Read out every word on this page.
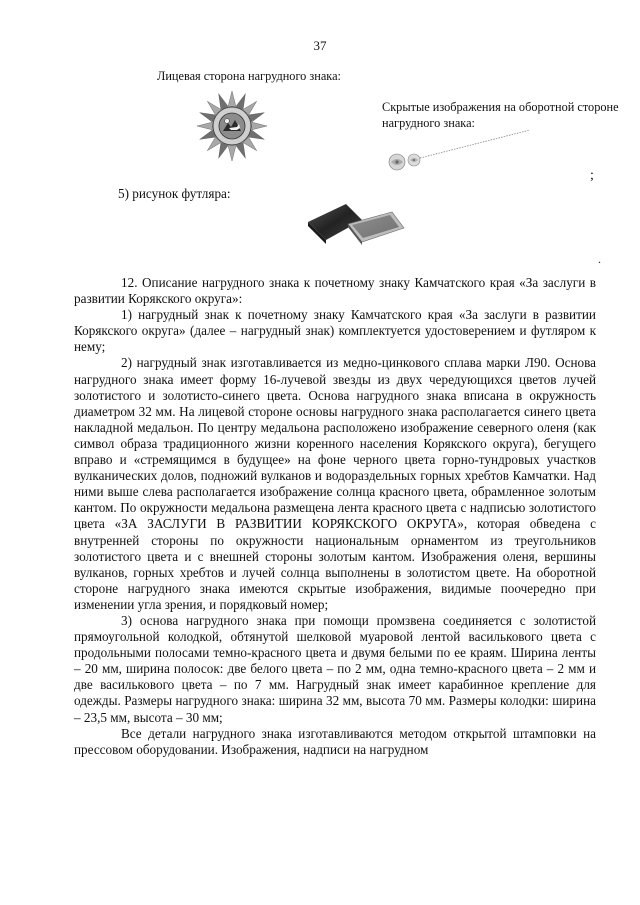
37
Лицевая сторона нагрудного знака:
Скрытые изображения на оборотной стороне нагрудного знака:
;
5) рисунок футляра:
.

12. Описание нагрудного знака к почетному знаку Камчатского края «За заслуги в развитии Корякского округа»:

1) нагрудный знак к почетному знаку Камчатского края «За заслуги в развитии Корякского округа» (далее – нагрудный знак) комплектуется удостоверением и футляром к нему;

2) нагрудный знак изготавливается из медно-цинкового сплава марки Л90. Основа нагрудного знака имеет форму 16-лучевой звезды из двух чередующихся цветов лучей золотистого и золотисто-синего цвета. Основа нагрудного знака вписана в окружность диаметром 32 мм. На лицевой стороне основы нагрудного знака располагается синего цвета накладной медальон. По центру медальона расположено изображение северного оленя (как символ образа традиционного жизни коренного населения Корякского округа), бегущего вправо и «стремящимся в будущее» на фоне черного цвета горно-тундровых участков вулканических долов, подножий вулканов и водораздельных горных хребтов Камчатки. Над ними выше слева располагается изображение солнца красного цвета, обрамленное золотым кантом. По окружности медальона размещена лента красного цвета с надписью золотистого цвета «ЗА ЗАСЛУГИ В РАЗВИТИИ КОРЯКСКОГО ОКРУГА», которая обведена с внутренней стороны по окружности национальным орнаментом из треугольников золотистого цвета и с внешней стороны золотым кантом. Изображения оленя, вершины вулканов, горных хребтов и лучей солнца выполнены в золотистом цвете. На оборотной стороне нагрудного знака имеются скрытые изображения, видимые поочередно при изменении угла зрения, и порядковый номер;

3) основа нагрудного знака при помощи промзвена соединяется с золотистой прямоугольной колодкой, обтянутой шелковой муаровой лентой василькового цвета с продольными полосами темно-красного цвета и двумя белыми по ее краям. Ширина ленты – 20 мм, ширина полосок: две белого цвета – по 2 мм, одна темно-красного цвета – 2 мм и две василькового цвета – по 7 мм. Нагрудный знак имеет карабинное крепление для одежды. Размеры нагрудного знака: ширина 32 мм, высота 70 мм. Размеры колодки: ширина – 23,5 мм, высота – 30 мм;

Все детали нагрудного знака изготавливаются методом открытой штамповки на прессовом оборудовании. Изображения, надписи на нагрудном
